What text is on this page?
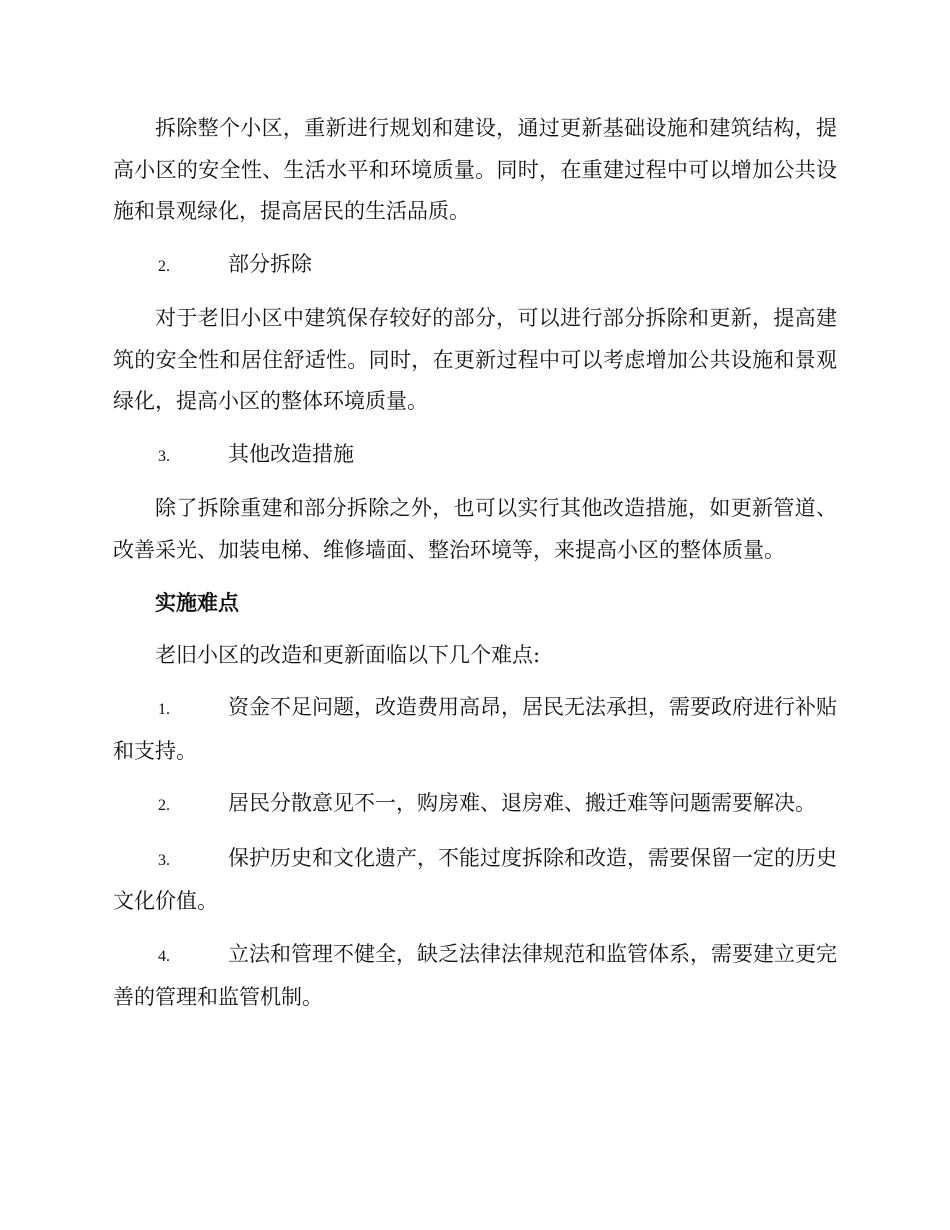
拆除整个小区，重新进行规划和建设，通过更新基础设施和建筑结构，提高小区的安全性、生活水平和环境质量。同时，在重建过程中可以增加公共设施和景观绿化，提高居民的生活品质。

2.	部分拆除

对于老旧小区中建筑保存较好的部分，可以进行部分拆除和更新，提高建筑的安全性和居住舒适性。同时，在更新过程中可以考虑增加公共设施和景观绿化，提高小区的整体环境质量。

3.	其他改造措施

除了拆除重建和部分拆除之外，也可以实行其他改造措施，如更新管道、改善采光、加装电梯、维修墙面、整治环境等，来提高小区的整体质量。

实施难点

老旧小区的改造和更新面临以下几个难点:

1.	资金不足问题，改造费用高昂，居民无法承担，需要政府进行补贴和支持。

2.	居民分散意见不一，购房难、退房难、搬迁难等问题需要解决。

3.	保护历史和文化遗产，不能过度拆除和改造，需要保留一定的历史文化价值。

4.	立法和管理不健全，缺乏法律法律规范和监管体系，需要建立更完善的管理和监管机制。
